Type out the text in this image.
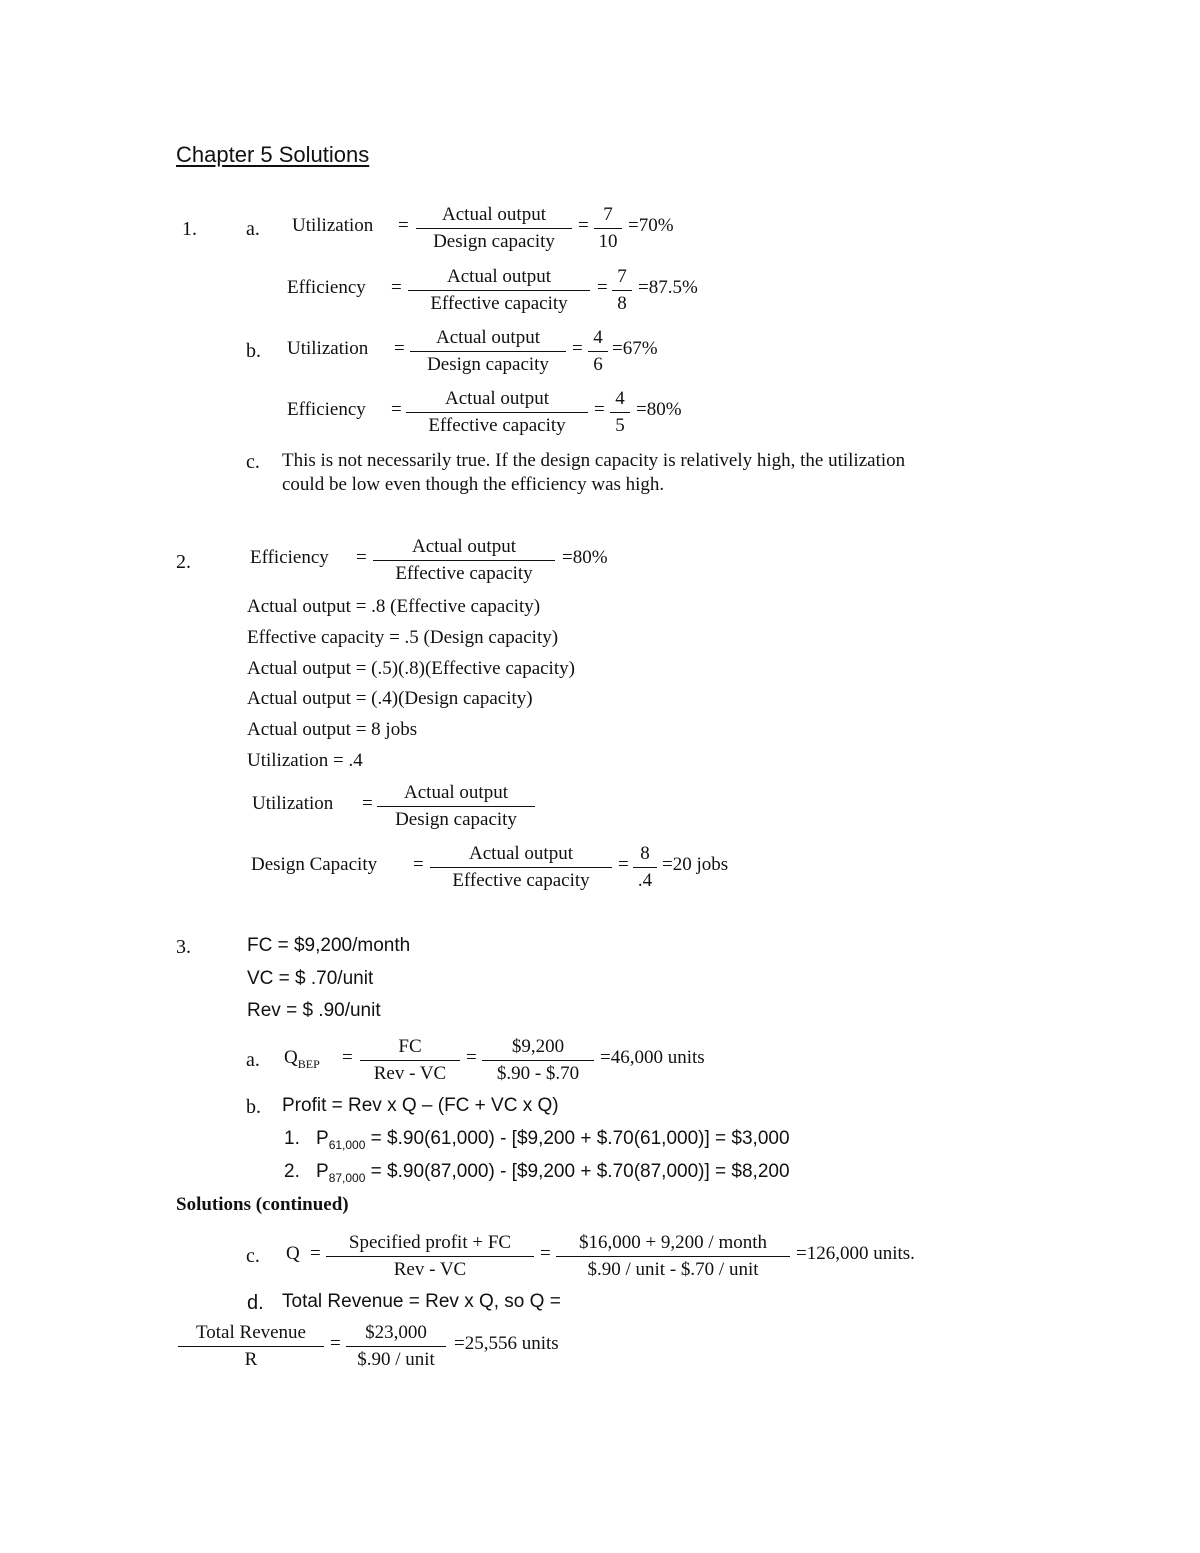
Chapter 5 Solutions
1. a. Utilization =
Actual output
Design capacity
= $\frac{7}{10} =70\%$
Efficiency =
Actual output
Effective capacity
= $\frac{7}{8} =87.5\%$
b. Utilization =
Actual output
Design capacity
= $\frac{4}{6} =67\%$
Efficiency =
Actual output
Effective capacity
= $\frac{4}{5} =80\%$
c. This is not necessarily true. If the design capacity is relatively high, the utilization
could be low even though the efficiency was high.
2.	Efficiency =
Actual output
Effective capacity
=80%
Actual output = .8 (Effective capacity)
Effective capacity = .5 (Design capacity)
Actual output = (.5)(.8)(Effective capacity)
Actual output = (.4)(Design capacity)
Actual output = 8 jobs
Utilization = .4
Utilization =
Actual output
Design capacity
Design Capacity =
Actual output
Effective capacity
= $\frac{8}{.4} =20$ jobs
3.	FC = $9,200/month
VC = $ .70/unit
Rev = $ .90/unit
a. $Q_{BEP}$ =
FC
Rev - VC
= $\frac{\$9,200}{\$.90 - \$.70} =46,000$ units
b. Profit = Rev x Q – (FC + VC x Q)
1. $P_{61,000}$ = $.90(61,000) - [$9,200 + $.70(61,000)] = $3,000
2. $P_{87,000}$ = $.90(87,000) - [$9,200 + $.70(87,000)] = $8,200
Solutions (continued)
c. Q =
Specified profit + FC
Rev - VC
=
$16,000 + 9,200 / month
$.90 / unit - $.70 / unit
=126,000 units.
d. Total Revenue = Rev x Q, so Q =
Total Revenue
R
=
$23,000
$.90 / unit
=25,556 units
